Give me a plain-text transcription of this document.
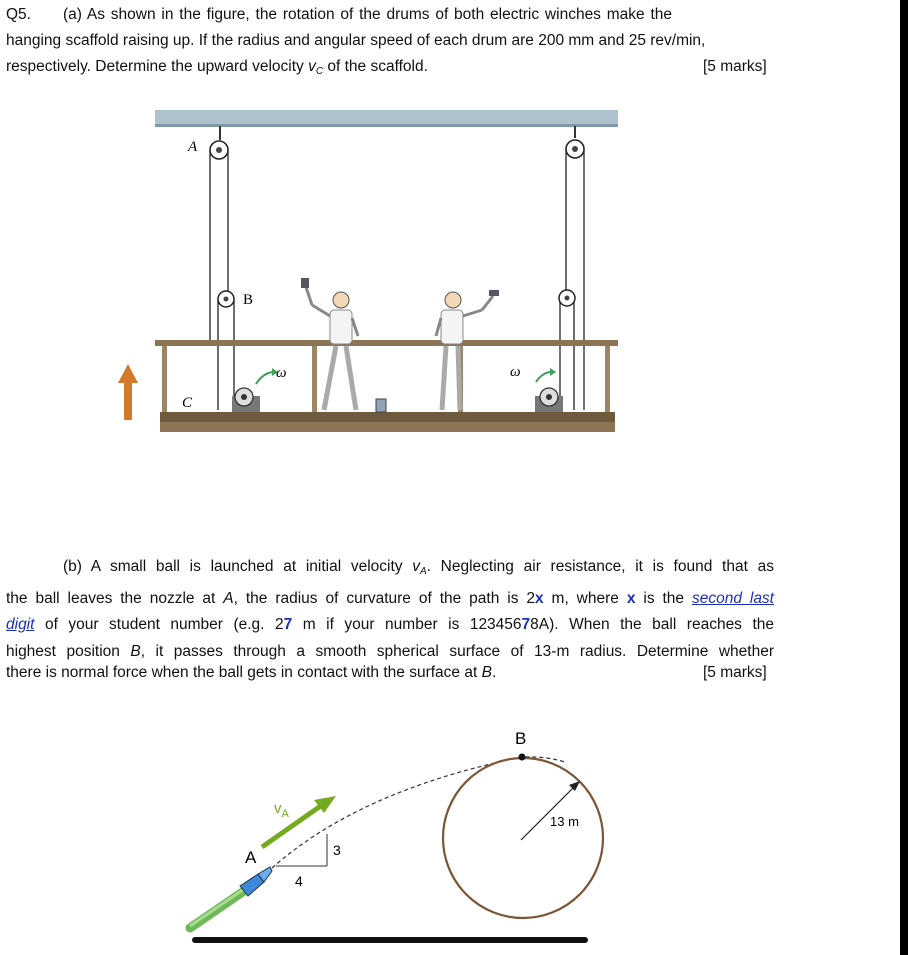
Q5. (a) As shown in the figure, the rotation of the drums of both electric winches make the
hanging scaffold raising up. If the radius and angular speed of each drum are 200 mm and 25 rev/min,
respectively. Determine the upward velocity $v_C$ of the scaffold.	[5 marks]
A
B
C
ω	ω
(b) A small ball is launched at initial velocity $v_A$. Neglecting air resistance, it is found that as
the ball leaves the nozzle at A, the radius of curvature of the path is 2x m, where x is the second last
digit of your student number (e.g. 27 m if your number is 12345678A). When the ball reaches the
highest position B, it passes through a smooth spherical surface of 13-m radius. Determine whether
there is normal force when the ball gets in contact with the surface at B.	[5 marks]
B
A
$v_A$
3
4
13 m
